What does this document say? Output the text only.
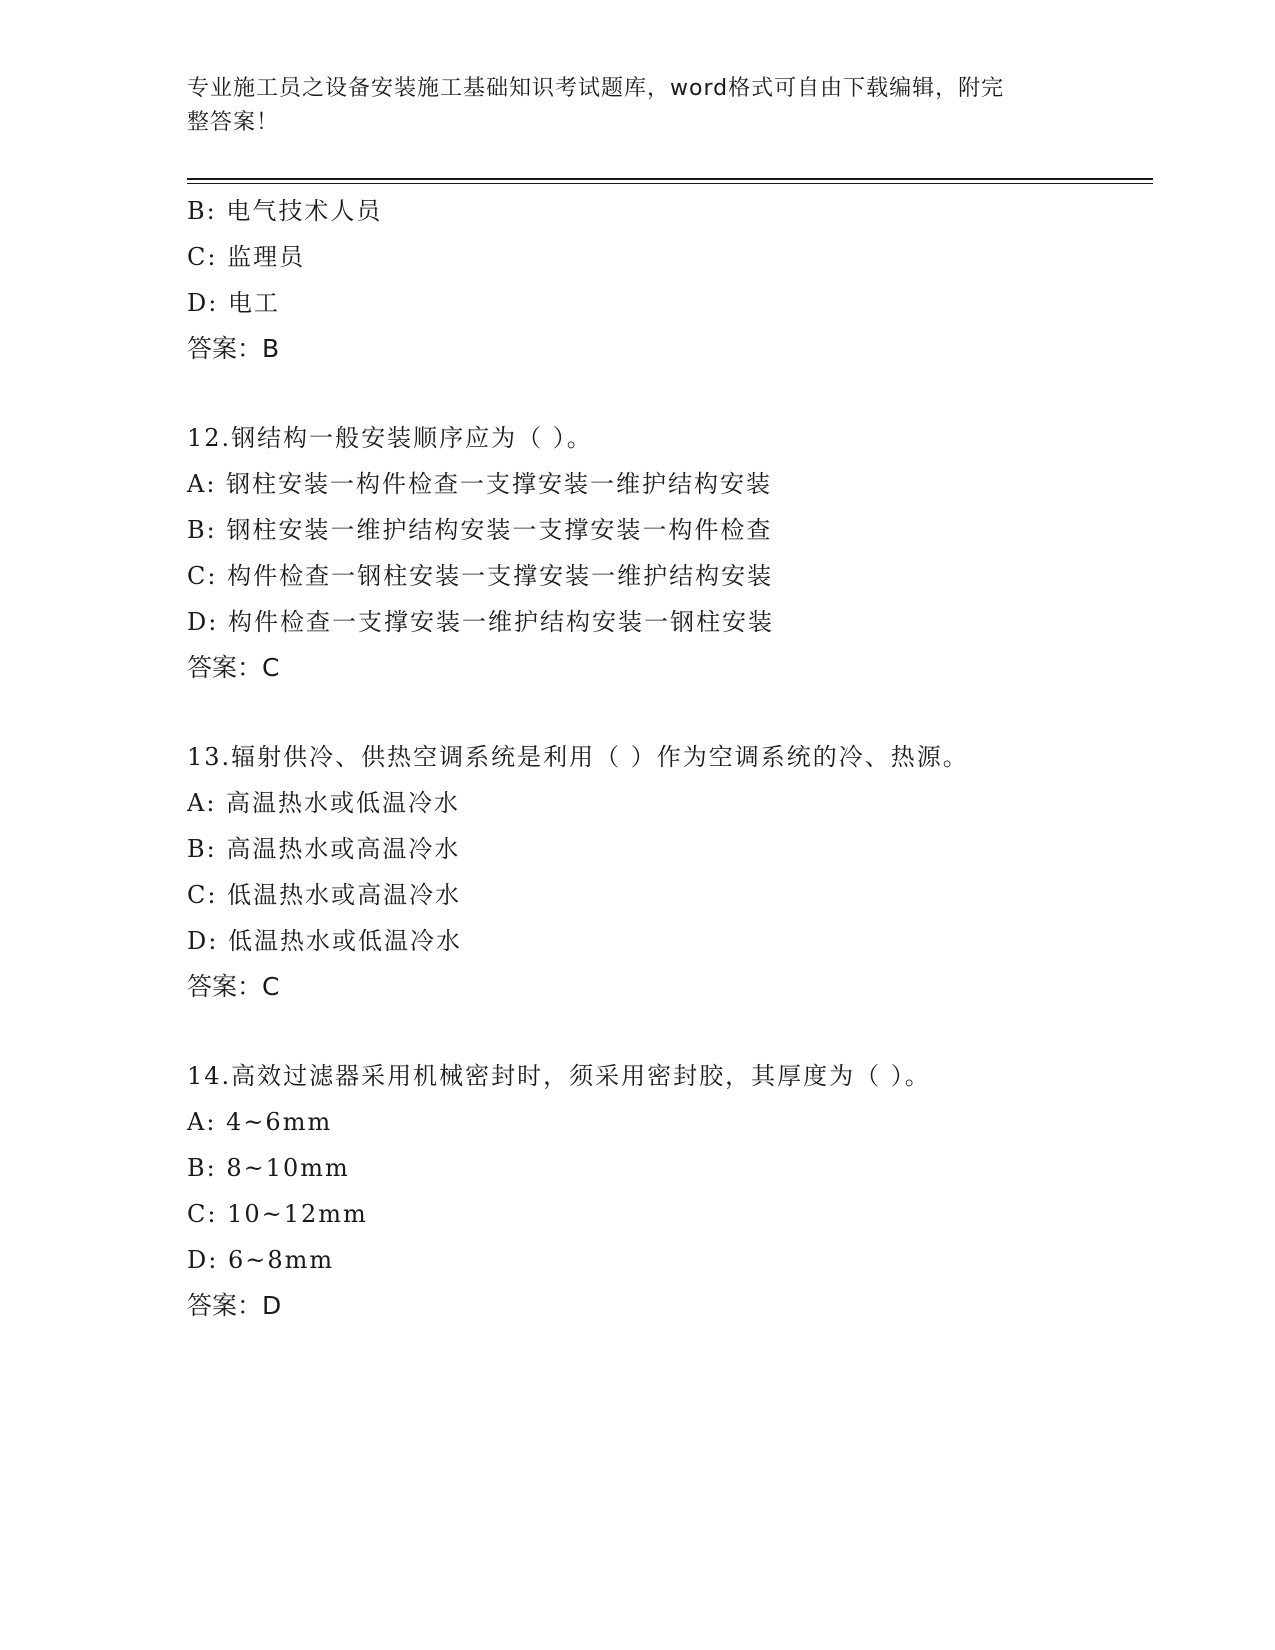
专业施工员之设备安装施工基础知识考试题库，word格式可自由下载编辑，附完
整答案！
B: 电气技术人员
C: 监理员
D: 电工
答案：B
12.钢结构一般安装顺序应为（ ）。
A: 钢柱安装一构件检查一支撑安装一维护结构安装
B: 钢柱安装一维护结构安装一支撑安装一构件检查
C: 构件检查一钢柱安装一支撑安装一维护结构安装
D: 构件检查一支撑安装一维护结构安装一钢柱安装
答案：C
13.辐射供冷、供热空调系统是利用（ ）作为空调系统的冷、热源。
A: 高温热水或低温冷水
B: 高温热水或高温冷水
C: 低温热水或高温冷水
D: 低温热水或低温冷水
答案：C
14.高效过滤器采用机械密封时，须采用密封胶，其厚度为（ ）。
A: 4~6mm
B: 8~10mm
C: 10~12mm
D: 6~8mm
答案：D
